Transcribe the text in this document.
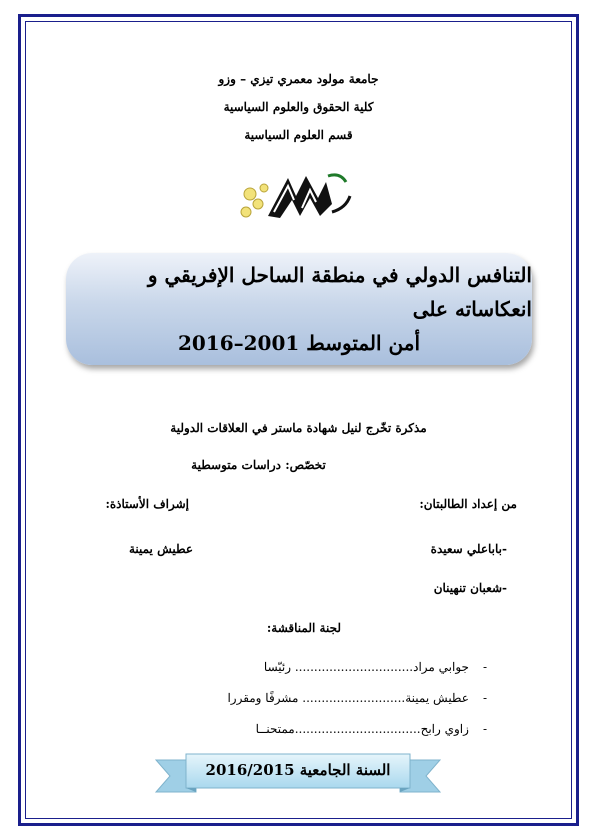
جامعة مولود معمري تيزي – وزو
كلية الحقوق والعلوم السياسية
قسم العلوم السياسية
التنافس الدولي في منطقة الساحل الإفريقي و انعكاساته على
أمن المتوسط 2001–2016
مذكرة تخّرج لنيل شهادة ماستر في العلاقات الدولية
تخصّص: دراسات متوسطية
من إعداد الطالبتان:
إشراف الأستاذة:
-باباعلي سعيدة
عطيش يمينة
-شعبان تنهينان
لجنة المناقشة:
-جوابي مراد............................... رئيّسا
-عطيش يمينة........................... مشرفًا ومقررا
-زاوي رابح.................................ممتحنــا
السنة الجامعية 2016/2015
